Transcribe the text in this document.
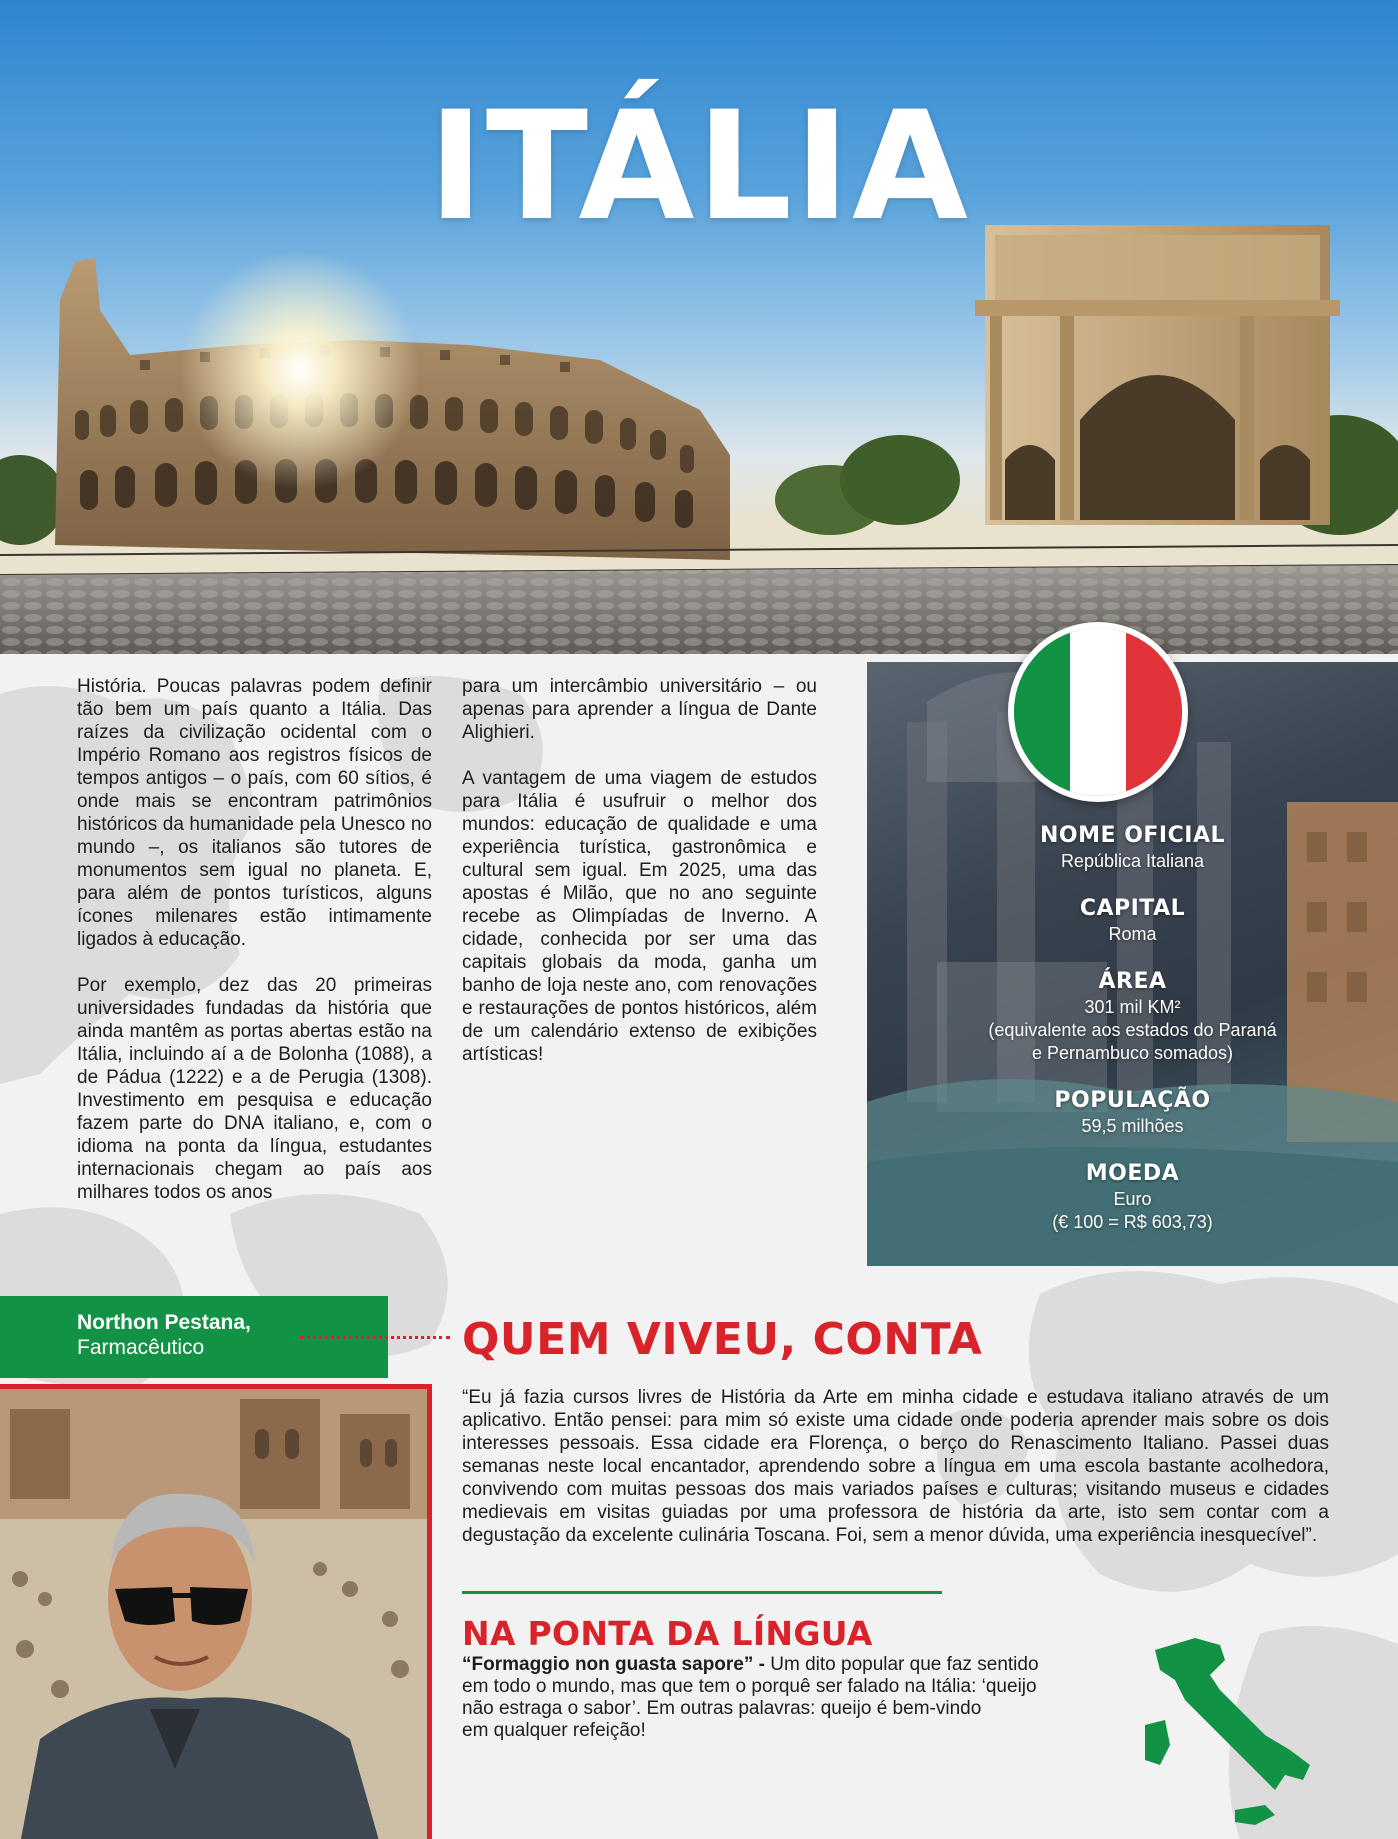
ITÁLIA

História. Poucas palavras podem definir tão bem um país quanto a Itália. Das raízes da civilização ocidental com o Império Romano aos registros físicos de tempos antigos – o país, com 60 sítios, é onde mais se encontram patrimônios históricos da humanidade pela Unesco no mundo –, os italianos são tutores de monumentos sem igual no planeta. E, para além de pontos turísticos, alguns ícones milenares estão intimamente ligados à educação.

Por exemplo, dez das 20 primeiras universidades fundadas da história que ainda mantêm as portas abertas estão na Itália, incluindo aí a de Bolonha (1088), a de Pádua (1222) e a de Perugia (1308). Investimento em pesquisa e educação fazem parte do DNA italiano, e, com o idioma na ponta da língua, estudantes internacionais chegam ao país aos milhares todos os anos

para um intercâmbio universitário – ou apenas para aprender a língua de Dante Alighieri.

A vantagem de uma viagem de estudos para Itália é usufruir o melhor dos mundos: educação de qualidade e uma experiência turística, gastronômica e cultural sem igual. Em 2025, uma das apostas é Milão, que no ano seguinte recebe as Olimpíadas de Inverno. A cidade, conhecida por ser uma das capitais globais da moda, ganha um banho de loja neste ano, com renovações e restaurações de pontos históricos, além de um calendário extenso de exibições artísticas!

NOME OFICIAL
República Italiana
CAPITAL
Roma
ÁREA
301 mil KM²
(equivalente aos estados do Paraná
e Pernambuco somados)
POPULAÇÃO
59,5 milhões
MOEDA
Euro
(€ 100 = R$ 603,73)
Northon Pestana,
Farmacêutico	QUEM VIVEU, CONTA
“Eu já fazia cursos livres de História da Arte em minha cidade e estudava italiano através de um aplicativo. Então pensei: para mim só existe uma cidade onde poderia aprender mais sobre os dois interesses pessoais. Essa cidade era Florença, o berço do Renascimento Italiano. Passei duas semanas neste local encantador, aprendendo sobre a língua em uma escola bastante acolhedora, convivendo com muitas pessoas dos mais variados países e culturas; visitando museus e cidades medievais em visitas guiadas por uma professora de história da arte, isto sem contar com a degustação da excelente culinária Toscana. Foi, sem a menor dúvida, uma experiência inesquecível”.
NA PONTA DA LÍNGUA
“Formaggio non guasta sapore” - Um dito popular que faz sentido
em todo o mundo, mas que tem o porquê ser falado na Itália: ‘queijo
não estraga o sabor’. Em outras palavras: queijo é bem-vindo
em qualquer refeição!
